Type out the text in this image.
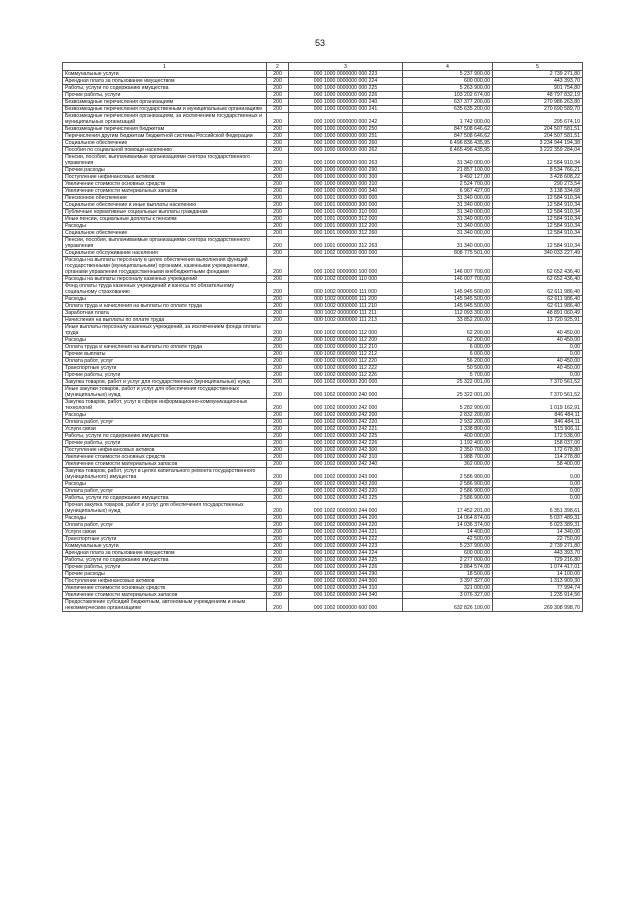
53
1	2	3	4	5
Коммунальные услуги	200	000 1000 0000000 000 223	5 237 900,00	2 739 271,80
Арендная плата за пользование имуществом	200	000 1000 0000000 000 224	600 000,00	443 393,70
Работы, услуги по содержанию имущества	200	000 1000 0000000 000 225	5 263 900,00	901 754,80
Прочие работы, услуги	200	000 1000 0000000 000 226	103 202 674,00	48 797 832,19
Безвозмездные перечисления организациям	200	000 1000 0000000 000 240	637 377 200,00	270 986 263,80
Безвозмездные перечисления государственным и муниципальным организациям	200	000 1000 0000000 000 241	635 635 200,00	270 690 589,70
Безвозмездные перечисления организациям, за исключением государственных и муниципальных организаций	200	000 1000 0000000 000 242	1 742 000,00	295 674,10
Безвозмездные перечисления бюджетам	200	000 1000 0000000 000 250	847 508 646,62	204 507 581,51
Перечисления другим бюджетам бюджетной системы Российской Федерации	200	000 1000 0000000 000 251	847 508 646,62	204 507 581,51
Социальное обеспечение	200	000 1000 0000000 000 260	6 496 836 435,95	3 234 944 194,38
Пособия по социальной помощи населению	200	000 1000 0000000 000 262	6 465 496 435,95	3 222 359 284,04
Пенсии, пособия, выплачиваемые организациями сектора государственного управления	200	000 1000 0000000 000 263	31 340 000,00	12 584 910,34
Прочие расходы	200	000 1000 0000000 000 290	21 857 100,00	8 534 766,21
Поступление нефинансовых активов	200	000 1000 0000000 000 300	9 492 127,00	3 428 608,22
Увеличение стоимости основных средств	200	000 1000 0000000 000 310	2 524 700,00	290 273,54
Увеличение стоимости материальных запасов	200	000 1000 0000000 000 340	6 967 427,00	3 138 334,68
Пенсионное обеспечение	200	000 1001 0000000 000 000	31 340 000,00	12 584 910,34
Социальное обеспечение и иные выплаты населению	200	000 1001 0000000 300 000	31 340 000,00	12 584 910,34
Публичные нормативные социальные выплаты гражданам	200	000 1001 0000000 310 000	31 340 000,00	12 584 910,34
Иные пенсии, социальные доплаты к пенсиям	200	000 1001 0000000 312 000	31 340 000,00	12 584 910,34
Расходы	200	000 1001 0000000 312 200	31 340 000,00	12 584 910,34
Социальное обеспечение	200	000 1001 0000000 312 260	31 340 000,00	12 584 910,34
Пенсии, пособия, выплачиваемые организациями сектора государственного управления	200	000 1001 0000000 312 263	31 340 000,00	12 584 910,34
Социальное обслуживание населения	200	000 1002 0000000 000 000	808 775 501,00	340 033 227,49
Расходы на выплаты персоналу в целях обеспечения выполнения функций государственными (муниципальными) органами, казенными учреждениями, органами управления государственными внебюджетными фондами	200	000 1002 0000000 100 000	146 007 700,00	62 652 436,40
Расходы на выплаты персоналу казенных учреждений	200	000 1002 0000000 110 000	146 007 700,00	62 652 436,40
Фонд оплаты труда казенных учреждений и взносы по обязательному социальному страхованию	200	000 1002 0000000 111 000	145 945 500,00	62 611 986,40
Расходы	200	000 1002 0000000 111 200	145 945 500,00	62 611 986,40
Оплата труда и начисления на выплаты по оплате труда	200	000 1002 0000000 111 210	145 945 500,00	62 611 986,40
Заработная плата	200	000 1002 0000000 111 211	112 093 300,00	48 891 060,49
Начисления на выплаты по оплате труда	200	000 1002 0000000 111 213	33 852 200,00	13 720 925,91
Иные выплаты персоналу казенных учреждений, за исключением фонда оплаты труда	200	000 1002 0000000 112 000	62 200,00	40 450,00
Расходы	200	000 1002 0000000 112 200	62 200,00	40 450,00
Оплата труда и начисления на выплаты по оплате труда	200	000 1002 0000000 112 210	6 000,00	0,00
Прочие выплаты	200	000 1002 0000000 112 212	6 000,00	0,00
Оплата работ, услуг	200	000 1002 0000000 112 220	56 200,00	40 450,00
Транспортные услуги	200	000 1002 0000000 112 222	50 500,00	40 450,00
Прочие работы, услуги	200	000 1002 0000000 112 226	5 700,00	0,00
Закупка товаров, работ и услуг для государственных (муниципальных) нужд	200	000 1002 0000000 200 000	25 322 001,00	7 370 561,52
Иные закупки товаров, работ и услуг для обеспечения государственных (муниципальных) нужд	200	000 1002 0000000 240 000	25 322 001,00	7 370 561,52
Закупка товаров, работ, услуг в сфере информационно-коммуникационных технологий	200	000 1002 0000000 242 000	5 282 900,00	1 019 162,91
Расходы	200	000 1002 0000000 242 200	2 832 200,00	846 484,11
Оплата работ, услуг	200	000 1002 0000000 242 220	2 932 200,00	846 484,11
Услуги связи	200	000 1002 0000000 242 221	1 338 800,00	515 906,11
Работы, услуги по содержанию имущества	200	000 1002 0000000 242 225	400 000,00	172 538,00
Прочие работы, услуги	200	000 1002 0000000 242 226	1 192 400,00	158 037,00
Поступление нефинансовых активов	200	000 1002 0000000 242 300	2 350 700,00	172 678,80
Увеличение стоимости основных средств	200	000 1002 0000000 242 310	1 988 700,00	114 278,80
Увеличение стоимости материальных запасов	200	000 1002 0000000 242 340	362 000,00	58 400,00
Закупка товаров, работ, услуг в целях капитального ремонта государственного (муниципального) имущества	200	000 1002 0000000 243 000	2 586 900,00	0,00
Расходы	200	000 1002 0000000 243 200	2 586 900,00	0,00
Оплата работ, услуг	200	000 1002 0000000 243 220	2 586 900,00	0,00
Работы, услуги по содержанию имущества	200	000 1002 0000000 243 225	2 586 900,00	0,00
Прочая закупка товаров, работ и услуг для обеспечения государственных (муниципальных) нужд	200	000 1002 0000000 244 000	17 452 201,00	6 351 398,61
Расходы	200	000 1002 0000000 244 200	14 064 874,00	5 037 489,31
Оплата работ, услуг	200	000 1002 0000000 244 220	14 036 374,00	5 023 389,31
Услуги связи	200	000 1002 0000000 244 221	14 400,00	14 340,00
Транспортные услуги	200	000 1002 0000000 244 222	42 500,00	22 750,00
Коммунальные услуги	200	000 1002 0000000 244 223	5 237 900,00	2 739 271,80
Арендная плата за пользование имуществом	200	000 1002 0000000 244 224	600 000,00	443 393,70
Работы, услуги по содержанию имущества	200	000 1002 0000000 244 225	2 277 000,00	729 216,80
Прочие работы, услуги	200	000 1002 0000000 244 226	2 864 574,00	1 074 417,01
Прочие расходы	200	000 1002 0000000 244 290	18 500,00	14 100,00
Поступление нефинансовых активов	200	000 1002 0000000 244 300	3 397 327,00	1 313 909,30
Увеличение стоимости основных средств	200	000 1002 0000000 244 310	321 000,00	77 994,74
Увеличение стоимости материальных запасов	200	000 1002 0000000 244 340	3 076 327,00	1 235 914,56
Предоставление субсидий бюджетным, автономным учреждениям и иным некоммерческим организациям	200	000 1002 0000000 600 000	632 826 100,00	269 308 998,70
